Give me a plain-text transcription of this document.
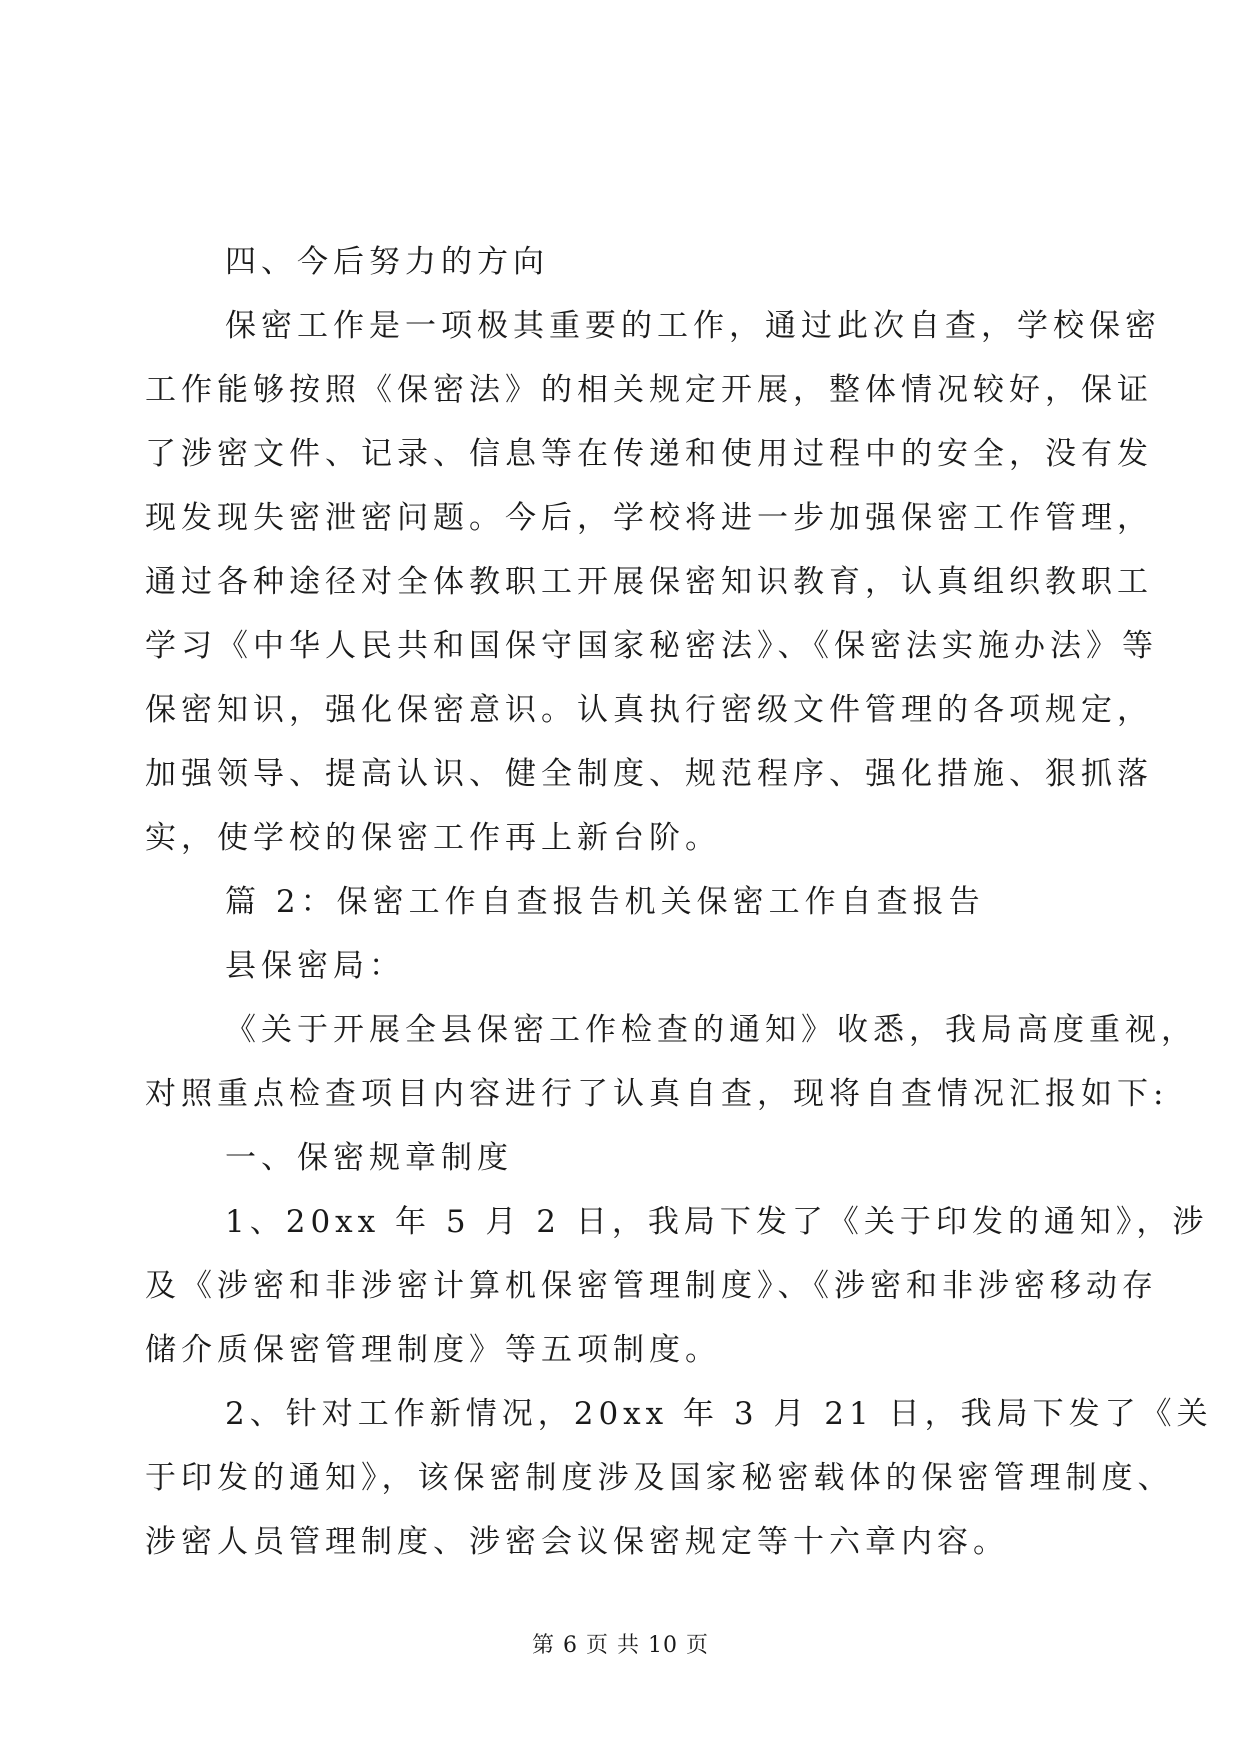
四、今后努力的方向
保密工作是一项极其重要的工作，通过此次自查，学校保密
工作能够按照《保密法》的相关规定开展，整体情况较好，保证
了涉密文件、记录、信息等在传递和使用过程中的安全，没有发
现发现失密泄密问题。今后，学校将进一步加强保密工作管理，
通过各种途径对全体教职工开展保密知识教育，认真组织教职工
学习《中华人民共和国保守国家秘密法》、《保密法实施办法》等
保密知识，强化保密意识。认真执行密级文件管理的各项规定，
加强领导、提高认识、健全制度、规范程序、强化措施、狠抓落
实，使学校的保密工作再上新台阶。
篇 2：保密工作自查报告机关保密工作自查报告
县保密局：
《关于开展全县保密工作检查的通知》收悉，我局高度重视，
对照重点检查项目内容进行了认真自查，现将自查情况汇报如下:
一、保密规章制度
1、20xx 年 5 月 2 日，我局下发了《关于印发的通知》，涉
及《涉密和非涉密计算机保密管理制度》、《涉密和非涉密移动存
储介质保密管理制度》等五项制度。
2、针对工作新情况，20xx 年 3 月 21 日，我局下发了《关
于印发的通知》，该保密制度涉及国家秘密载体的保密管理制度、
涉密人员管理制度、涉密会议保密规定等十六章内容。
第 6 页 共 10 页
